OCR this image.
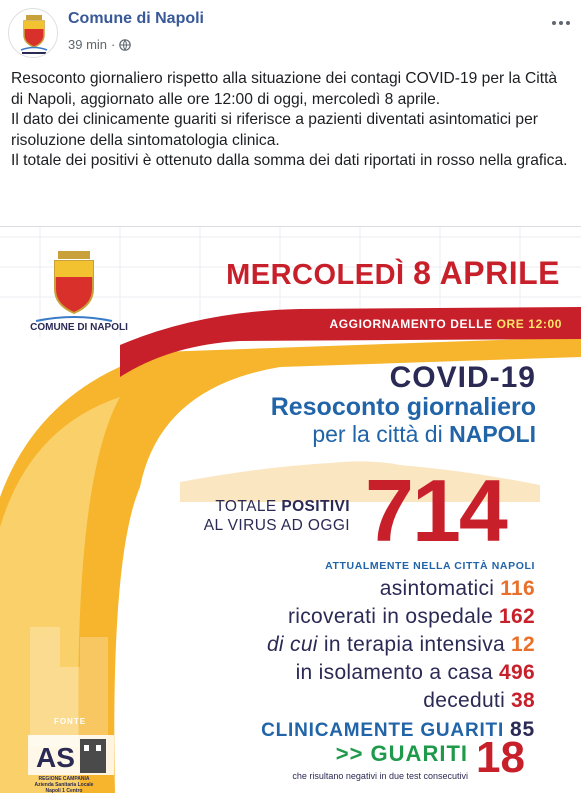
Comune di Napoli
39 min ·

Resoconto giornaliero rispetto alla situazione dei contagi COVID-19 per la Città di Napoli, aggiornato alle ore 12:00 di oggi, mercoledì 8 aprile.

Il dato dei clinicamente guariti si riferisce a pazienti diventati asintomatici per risoluzione della sintomatologia clinica.

Il totale dei positivi è ottenuto dalla somma dei dati riportati in rosso nella grafica.

AS
COMUNE DI NAPOLI
MERCOLEDÌ 8 APRILE
AGGIORNAMENTO DELLE ORE 12:00
COVID-19
Resoconto giornaliero
per la città di NAPOLI
TOTALE POSITIVI
AL VIRUS AD OGGI 714
ATTUALMENTE NELLA CITTÀ NAPOLI
asintomatici 116
ricoverati in ospedale 162
di cui in terapia intensiva 12
in isolamento a casa 496
deceduti 38
CLINICAMENTE GUARITI 85
>> GUARITI 18
che risultano negativi in due test consecutivi
FONTE
REGIONE CAMPANIA Azienda Sanitaria Locale Napoli 1 Centro
